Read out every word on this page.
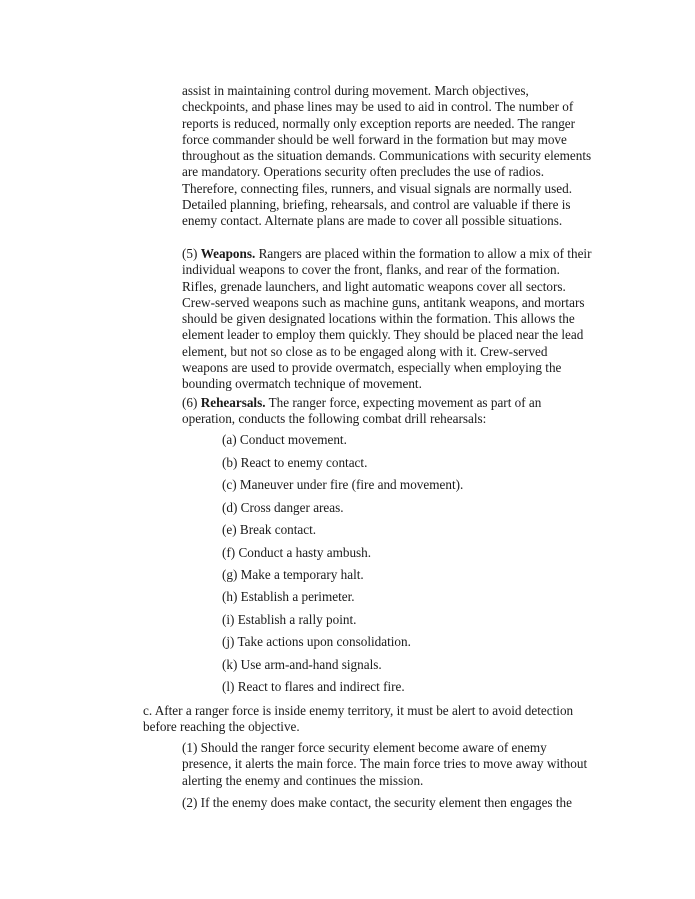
assist in maintaining control during movement. March objectives, checkpoints, and phase lines may be used to aid in control. The number of reports is reduced, normally only exception reports are needed. The ranger force commander should be well forward in the formation but may move throughout as the situation demands. Communications with security elements are mandatory. Operations security often precludes the use of radios. Therefore, connecting files, runners, and visual signals are normally used. Detailed planning, briefing, rehearsals, and control are valuable if there is enemy contact. Alternate plans are made to cover all possible situations.

(5) Weapons. Rangers are placed within the formation to allow a mix of their individual weapons to cover the front, flanks, and rear of the formation. Rifles, grenade launchers, and light automatic weapons cover all sectors. Crew-served weapons such as machine guns, antitank weapons, and mortars should be given designated locations within the formation. This allows the element leader to employ them quickly. They should be placed near the lead element, but not so close as to be engaged along with it. Crew-served weapons are used to provide overmatch, especially when employing the bounding overmatch technique of movement.

(6) Rehearsals. The ranger force, expecting movement as part of an operation, conducts the following combat drill rehearsals:

(a) Conduct movement.

(b) React to enemy contact.

(c) Maneuver under fire (fire and movement).

(d) Cross danger areas.

(e) Break contact.

(f) Conduct a hasty ambush.

(g) Make a temporary halt.

(h) Establish a perimeter.

(i) Establish a rally point.

(j) Take actions upon consolidation.

(k) Use arm-and-hand signals.

(l) React to flares and indirect fire.

c. After a ranger force is inside enemy territory, it must be alert to avoid detection before reaching the objective.

(1) Should the ranger force security element become aware of enemy presence, it alerts the main force. The main force tries to move away without alerting the enemy and continues the mission.

(2) If the enemy does make contact, the security element then engages the
